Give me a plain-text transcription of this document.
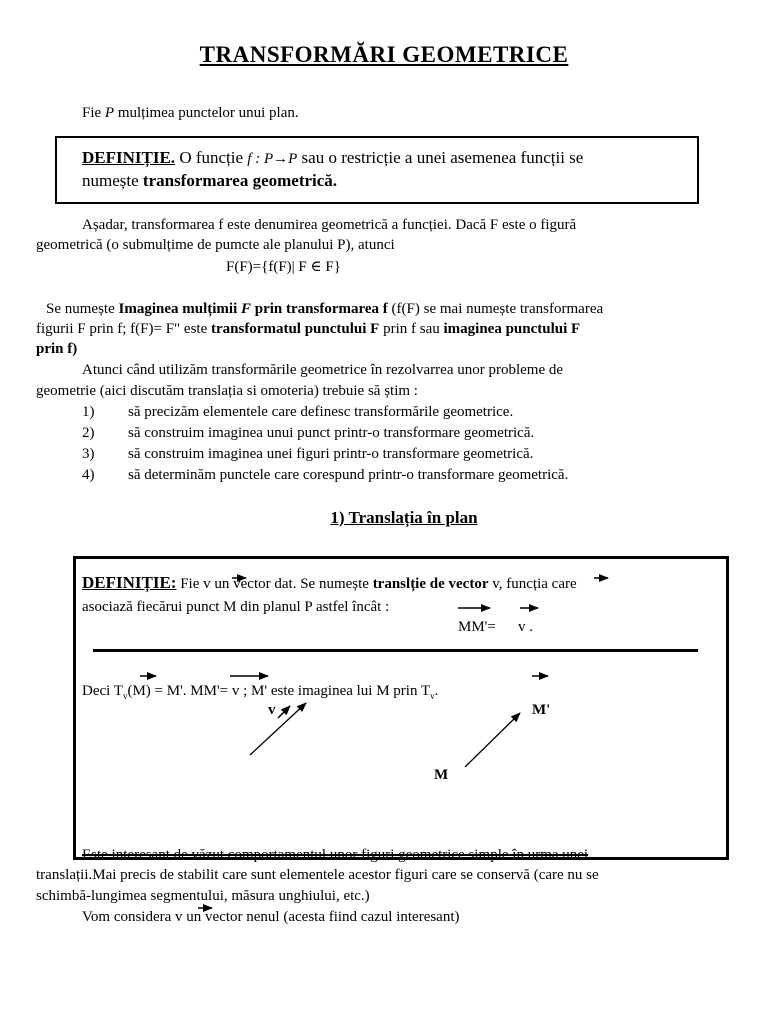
TRANSFORMĂRI GEOMETRICE
Fie P mulțimea punctelor unui plan.
DEFINIȚIE. O funcție f : P→P sau o restricție a unei asemenea funcții se
numește transformarea geometrică.
Așadar, transformarea f este denumirea geometrică a funcției. Dacă F este o figură
geometrică (o submulțime de pumcte ale planului P), atunci
F(F)={f(F)| F ∈ F}
Se numește Imaginea mulțimii F prin transformarea f (f(F) se mai numește transformarea
figurii F prin f; f(F)= F" este transformatul punctului F prin f sau imaginea punctului F
prin f)
Atunci când utilizăm transformările geometrice în rezolvarrea unor probleme de
geometrie (aici discutăm translația si omoteria) trebuie să știm :
1) să precizăm elementele care definesc transformările geometrice.
2) să construim imaginea unui punct printr-o transformare geometrică.
3) să construim imaginea unei figuri printr-o transformare geometrică.
4) să determinăm punctele care corespund printr-o transformare geometrică.
1) Translația în plan
DEFINIȚIE: Fie v un vector dat. Se numește translție de vector v, funcția care
asociază fiecărui punct M din planul P astfel încât :
MM'= v .
Deci $T_v(M) = M'$. MM'= v ; M' este imaginea lui M prin $T_v$.
v	M'
M
Este interesant de văzut comportamentul unor figuri geometrice simple în urma unei
translații.Mai precis de stabilit care sunt elementele acestor figuri care se conservă (care nu se
schimbă-lungimea segmentului, măsura unghiului, etc.)
Vom considera v un vector nenul (acesta fiind cazul interesant)
